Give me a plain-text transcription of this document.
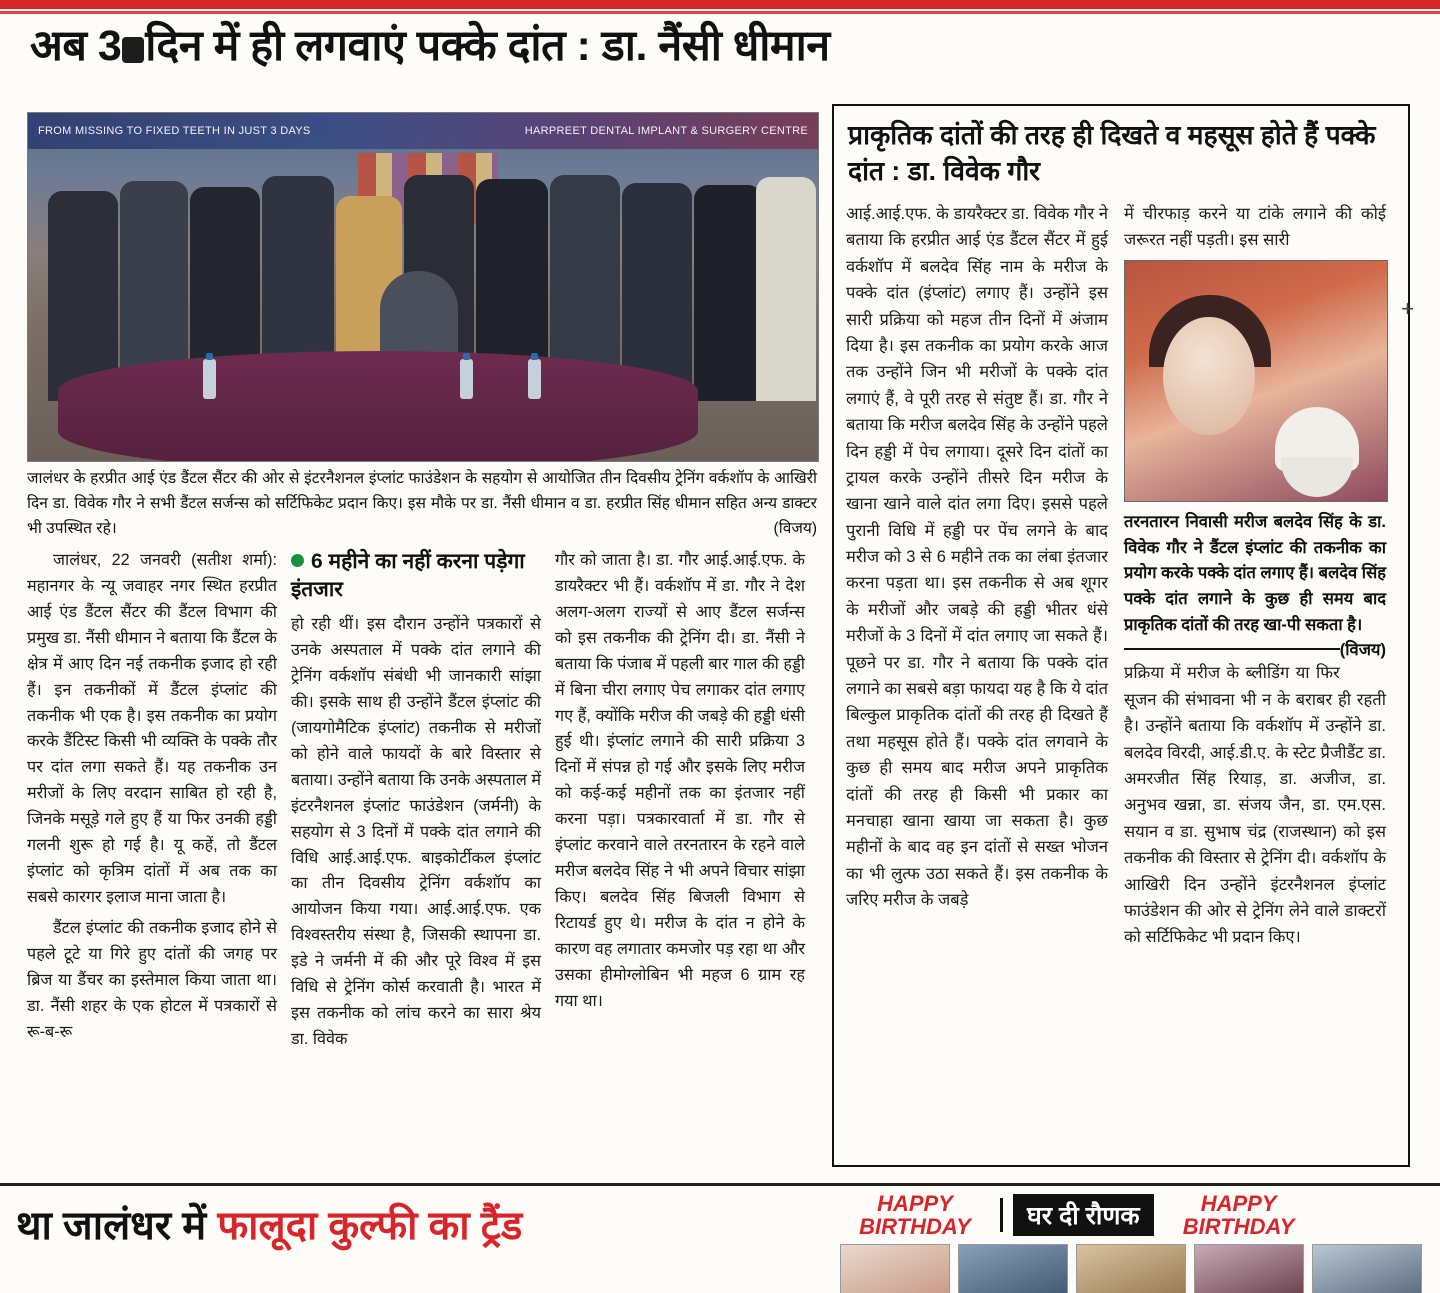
अब 3 दिन में ही लगवाएं पक्के दांत : डा. नैंसी धीमान
FROM MISSING TO FIXED TEETH IN JUST 3 DAYS	HARPREET DENTAL IMPLANT & SURGERY CENTRE
जालंधर के हरप्रीत आई एंड डैंटल सैंटर की ओर से इंटरनैशनल इंप्लांट फाउंडेशन के सहयोग से आयोजित तीन दिवसीय ट्रेनिंग वर्कशॉप के आखिरी दिन डा. विवेक गौर ने सभी डैंटल सर्जन्स को सर्टिफिकेट प्रदान किए। इस मौके पर डा. नैंसी धीमान व डा. हरप्रीत सिंह धीमान सहित अन्य डाक्टर भी उपस्थित रहे।	(विजय)

जालंधर, 22 जनवरी (सतीश शर्मा): महानगर के न्यू जवाहर नगर स्थित हरप्रीत आई एंड डैंटल सैंटर की डैंटल विभाग की प्रमुख डा. नैंसी धीमान ने बताया कि डैंटल के क्षेत्र में आए दिन नई तकनीक इजाद हो रही हैं। इन तकनीकों में डैंटल इंप्लांट की तकनीक भी एक है। इस तकनीक का प्रयोग करके डैंटिस्ट किसी भी व्यक्ति के पक्के तौर पर दांत लगा सकते हैं। यह तकनीक उन मरीजों के लिए वरदान साबित हो रही है, जिनके मसूड़े गले हुए हैं या फिर उनकी हड्डी गलनी शुरू हो गई है। यू कहें, तो डैंटल इंप्लांट को कृत्रिम दांतों में अब तक का सबसे कारगर इलाज माना जाता है।

डैंटल इंप्लांट की तकनीक इजाद होने से पहले टूटे या गिरे हुए दांतों की जगह पर ब्रिज या डैंचर का इस्तेमाल किया जाता था। डा. नैंसी शहर के एक होटल में पत्रकारों से रू-ब-रू

6 महीने का नहीं करना पड़ेगा इंतजार

हो रही थीं। इस दौरान उन्होंने पत्रकारों से उनके अस्पताल में पक्के दांत लगाने की ट्रेनिंग वर्कशॉप संबंधी भी जानकारी सांझा की। इसके साथ ही उन्होंने डैंटल इंप्लांट की (जायगोमैटिक इंप्लांट) तकनीक से मरीजों को होने वाले फायदों के बारे विस्तार से बताया। उन्होंने बताया कि उनके अस्पताल में इंटरनैशनल इंप्लांट फाउंडेशन (जर्मनी) के सहयोग से 3 दिनों में पक्के दांत लगाने की विधि आई.आई.एफ. बाइकोर्टीकल इंप्लांट का तीन दिवसीय ट्रेनिंग वर्कशॉप का आयोजन किया गया। आई.आई.एफ. एक विश्वस्तरीय संस्था है, जिसकी स्थापना डा. इडे ने जर्मनी में की और पूरे विश्व में इस विधि से ट्रेनिंग कोर्स करवाती है। भारत में इस तकनीक को लांच करने का सारा श्रेय डा. विवेक

गौर को जाता है। डा. गौर आई.आई.एफ. के डायरैक्टर भी हैं। वर्कशॉप में डा. गौर ने देश अलग-अलग राज्यों से आए डैंटल सर्जन्स को इस तकनीक की ट्रेनिंग दी। डा. नैंसी ने बताया कि पंजाब में पहली बार गाल की हड्डी में बिना चीरा लगाए पेच लगाकर दांत लगाए गए हैं, क्योंकि मरीज की जबड़े की हड्डी धंसी हुई थी। इंप्लांट लगाने की सारी प्रक्रिया 3 दिनों में संपन्न हो गई और इसके लिए मरीज को कई-कई महीनों तक का इंतजार नहीं करना पड़ा। पत्रकारवार्ता में डा. गौर से इंप्लांट करवाने वाले तरनतारन के रहने वाले मरीज बलदेव सिंह ने भी अपने विचार सांझा किए। बलदेव सिंह बिजली विभाग से रिटायर्ड हुए थे। मरीज के दांत न होने के कारण वह लगातार कमजोर पड़ रहा था और उसका हीमोग्लोबिन भी महज 6 ग्राम रह गया था।

प्राकृतिक दांतों की तरह ही दिखते व महसूस होते हैं पक्के दांत : डा. विवेक गौर

आई.आई.एफ. के डायरैक्टर डा. विवेक गौर ने बताया कि हरप्रीत आई एंड डैंटल सैंटर में हुई वर्कशॉप में बलदेव सिंह नाम के मरीज के पक्के दांत (इंप्लांट) लगाए हैं। उन्होंने इस सारी प्रक्रिया को महज तीन दिनों में अंजाम दिया है। इस तकनीक का प्रयोग करके आज तक उन्होंने जिन भी मरीजों के पक्के दांत लगाएं हैं, वे पूरी तरह से संतुष्ट हैं। डा. गौर ने बताया कि मरीज बलदेव सिंह के उन्होंने पहले दिन हड्डी में पेच लगाया। दूसरे दिन दांतों का ट्रायल करके उन्होंने तीसरे दिन मरीज के खाना खाने वाले दांत लगा दिए। इससे पहले पुरानी विधि में हड्डी पर पेंच लगने के बाद मरीज को 3 से 6 महीने तक का लंबा इंतजार करना पड़ता था। इस तकनीक से अब शूगर के मरीजों और जबड़े की हड्डी भीतर धंसे मरीजों के 3 दिनों में दांत लगाए जा सकते हैं। पूछने पर डा. गौर ने बताया कि पक्के दांत लगाने का सबसे बड़ा फायदा यह है कि ये दांत बिल्कुल प्राकृतिक दांतों की तरह ही दिखते हैं तथा महसूस होते हैं। पक्के दांत लगवाने के कुछ ही समय बाद मरीज अपने प्राकृतिक दांतों की तरह ही किसी भी प्रकार का मनचाहा खाना खाया जा सकता है। कुछ महीनों के बाद वह इन दांतों से सख्त भोजन का भी लुत्फ उठा सकते हैं। इस तकनीक के जरिए मरीज के जबड़े

में चीरफाड़ करने या टांके लगाने की कोई जरूरत नहीं पड़ती। इस सारी

तरनतारन निवासी मरीज बलदेव सिंह के डा. विवेक गौर ने डैंटल इंप्लांट की तकनीक का प्रयोग करके पक्के दांत लगाए हैं। बलदेव सिंह पक्के दांत लगाने के कुछ ही समय बाद प्राकृतिक दांतों की तरह खा-पी सकता है।
(विजय)

प्रक्रिया में मरीज के ब्लीडिंग या फिर सूजन की संभावना भी न के बराबर ही रहती है। उन्होंने बताया कि वर्कशॉप में उन्होंने डा. बलदेव विरदी, आई.डी.ए. के स्टेट प्रैजीडैंट डा. अमरजीत सिंह रियाड़, डा. अजीज, डा. अनुभव खन्ना, डा. संजय जैन, डा. एम.एस. सयान व डा. सुभाष चंद्र (राजस्थान) को इस तकनीक की विस्तार से ट्रेनिंग दी। वर्कशॉप के आखिरी दिन उन्होंने इंटरनैशनल इंप्लांट फाउंडेशन की ओर से ट्रेनिंग लेने वाले डाक्टरों को सर्टिफिकेट भी प्रदान किए।

+
था जालंधर में फालूदा कुल्फी का ट्रैंड
HAPPY BIRTHDAY	घर दी रौणक	HAPPY BIRTHDAY
